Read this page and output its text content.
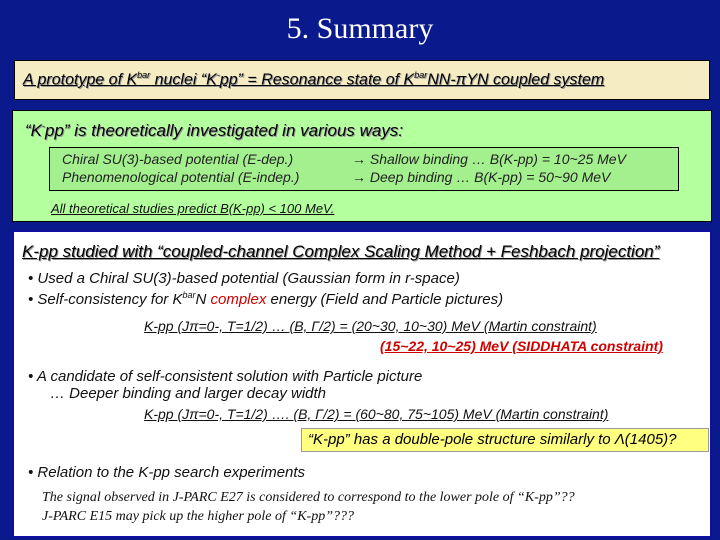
5. Summary
A prototype of $K^{bar}$ nuclei “K-pp” = Resonance state of $K^{bar}NN$-πYN coupled system
“K-pp” is theoretically investigated in various ways:
Chiral SU(3)-based potential (E-dep.)	→ Shallow binding … B(K-pp) = 10~25 MeV
Phenomenological potential (E-indep.)	→ Deep binding … B(K-pp) = 50~90 MeV
All theoretical studies predict B(K-pp) < 100 MeV.
K-pp studied with “coupled-channel Complex Scaling Method + Feshbach projection”
• Used a Chiral SU(3)-based potential (Gaussian form in r-space)
• Self-consistency for $K^{bar}N$ complex energy (Field and Particle pictures)
K-pp (Jπ=0-, T=1/2) … (B, Γ/2) = (20~30, 10~30) MeV (Martin constraint)
(15~22, 10~25) MeV (SIDDHATA constraint)
• A candidate of self-consistent solution with Particle picture
… Deeper binding and larger decay width
K-pp (Jπ=0-, T=1/2) …. (B, Γ/2) = (60~80, 75~105) MeV (Martin constraint)
“K-pp” has a double-pole structure similarly to Λ(1405)?
• Relation to the K-pp search experiments
The signal observed in J-PARC E27 is considered to correspond to the lower pole of “K-pp”??
J-PARC E15 may pick up the higher pole of “K-pp”???
